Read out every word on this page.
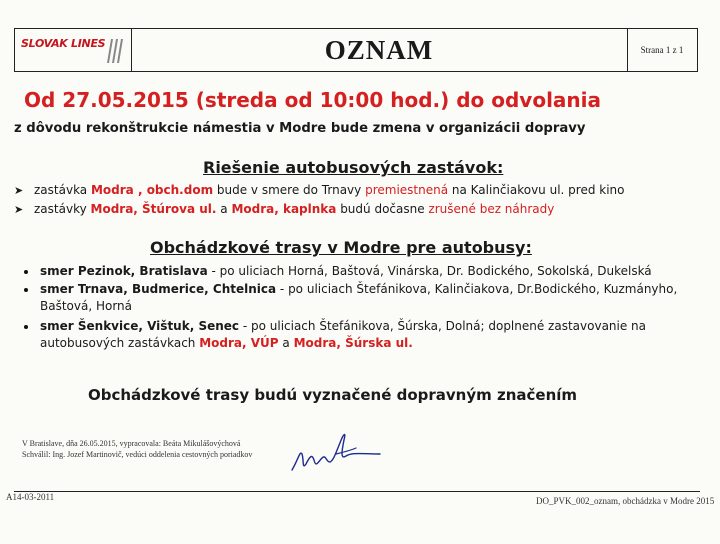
SLOVAK LINES	OZNAM	Strana 1 z 1
Od 27.05.2015 (streda od 10:00 hod.) do odvolania
z dôvodu rekonštrukcie námestia v Modre bude zmena v organizácii dopravy
Riešenie autobusových zastávok:
➤ zastávka Modra , obch.dom bude v smere do Trnavy premiestnená na Kalinčiakovu ul. pred kino
➤ zastávky Modra, Štúrova ul. a Modra, kaplnka budú dočasne zrušené bez náhrady
Obchádzkové trasy v Modre pre autobusy:
smer Pezinok, Bratislava - po uliciach Horná, Baštová, Vinárska, Dr. Bodického, Sokolská, Dukelská
smer Trnava, Budmerice, Chtelnica - po uliciach Štefánikova, Kalinčiakova, Dr.Bodického, Kuzmányho, Baštová, Horná
smer Šenkvice, Vištuk, Senec - po uliciach Štefánikova, Šúrska, Dolná; doplnené zastavovanie na autobusových zastávkach Modra, VÚP a Modra, Šúrska ul.
Obchádzkové trasy budú vyznačené dopravným značením
V Bratislave, dňa 26.05.2015, vypracovala: Beáta Mikulášovýchová
Schválil: Ing. Jozef Martinovič, vedúci oddelenia cestovných poriadkov
A14-03-2011	DO_PVK_002_oznam, obchádzka v Modre 2015
